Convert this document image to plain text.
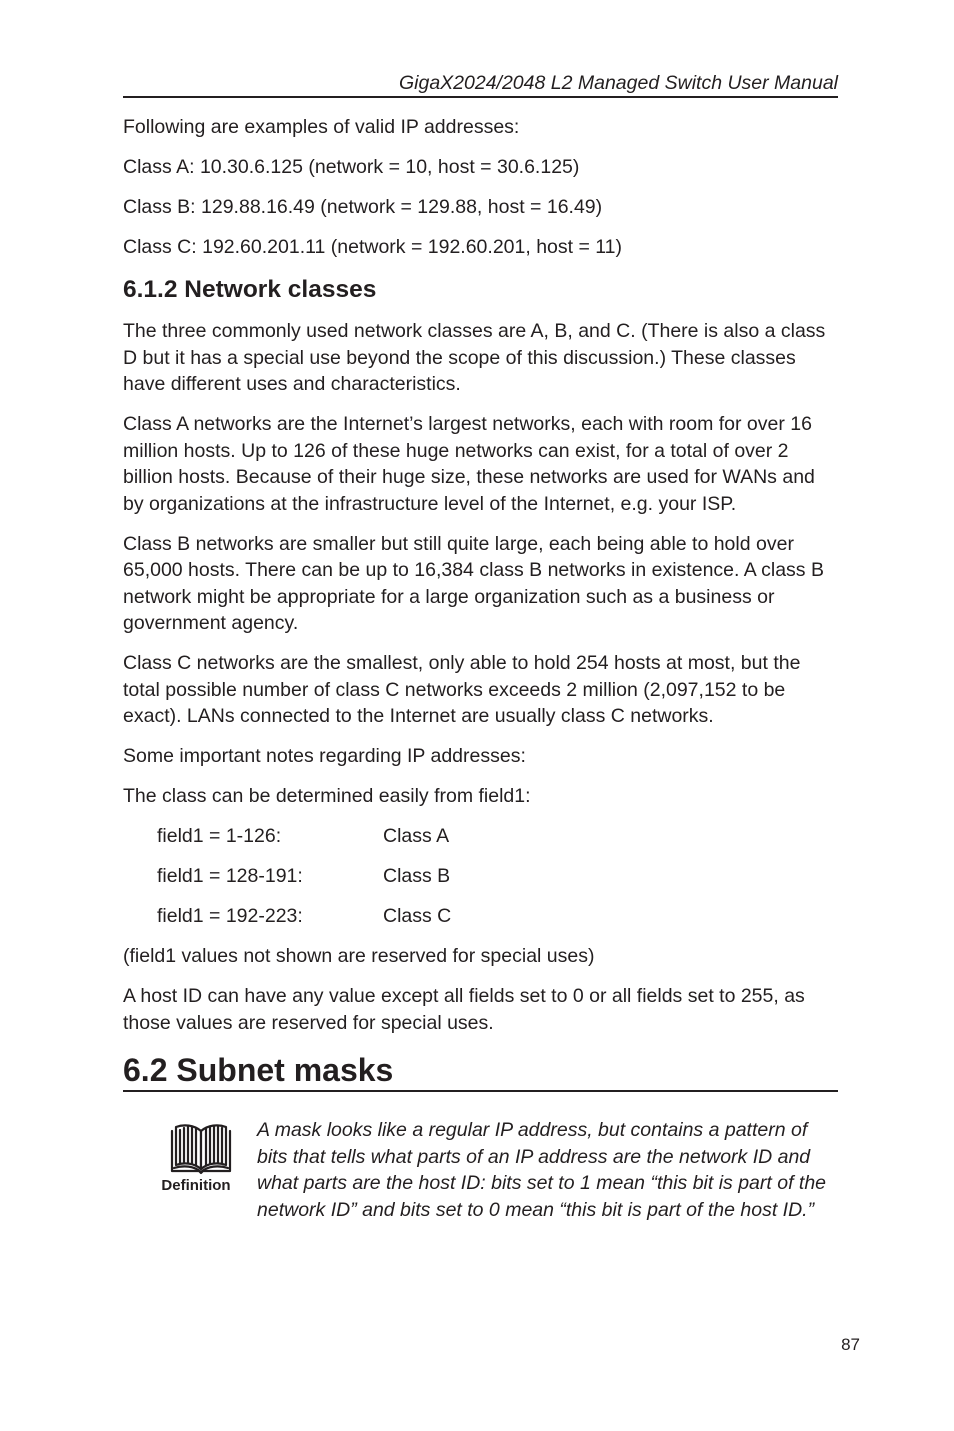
GigaX2024/2048 L2 Managed Switch User Manual

Following are examples of valid IP addresses:

Class A: 10.30.6.125 (network = 10, host = 30.6.125)

Class B: 129.88.16.49 (network = 129.88, host = 16.49)

Class C: 192.60.201.11 (network = 192.60.201, host = 11)

6.1.2 Network classes

The three commonly used network classes are A, B, and C. (There is also a class D but it has a special use beyond the scope of this discussion.) These classes have different uses and characteristics.

Class A networks are the Internet’s largest networks, each with room for over 16 million hosts. Up to 126 of these huge networks can exist, for a total of over 2 billion hosts. Because of their huge size, these networks are used for WANs and by organizations at the infrastructure level of the Internet, e.g. your ISP.

Class B networks are smaller but still quite large, each being able to hold over 65,000 hosts. There can be up to 16,384 class B networks in existence. A class B network might be appropriate for a large organization such as a business or government agency.

Class C networks are the smallest, only able to hold 254 hosts at most, but the total possible number of class C networks exceeds 2 million (2,097,152 to be exact). LANs connected to the Internet are usually class C networks.

Some important notes regarding IP addresses:

The class can be determined easily from field1:

field1 = 1-126:	Class A
field1 = 128-191:	Class B
field1 = 192-223:	Class C

(field1 values not shown are reserved for special uses)

A host ID can have any value except all fields set to 0 or all fields set to 255, as those values are reserved for special uses.

6.2 Subnet masks
Definition
A mask looks like a regular IP address, but contains a pattern of bits that tells what parts of an IP address are the network ID and what parts are the host ID: bits set to 1 mean “this bit is part of the network ID” and bits set to 0 mean “this bit is part of the host ID.”
87
